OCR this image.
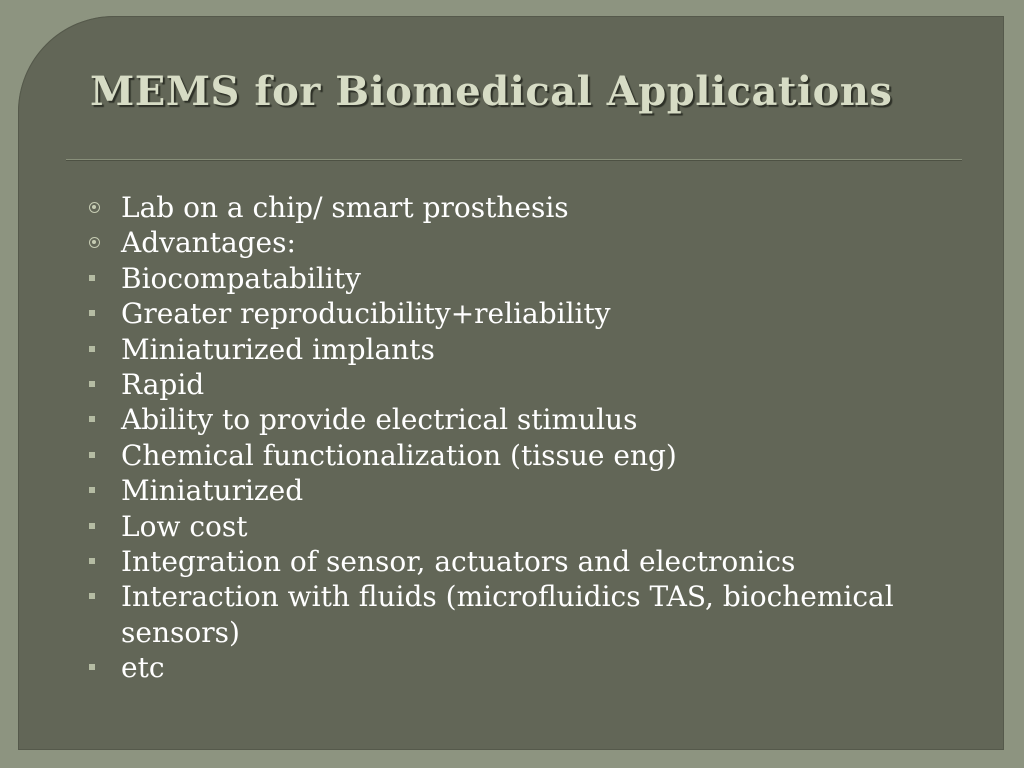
MEMS for Biomedical Applications
Lab on a chip/ smart prosthesis
Advantages:
Biocompatability
Greater reproducibility+reliability
Miniaturized implants
Rapid
Ability to provide electrical stimulus
Chemical functionalization (tissue eng)
Miniaturized
Low cost
Integration of sensor, actuators and electronics
Interaction with fluids (microfluidics TAS, biochemical sensors)
etc
